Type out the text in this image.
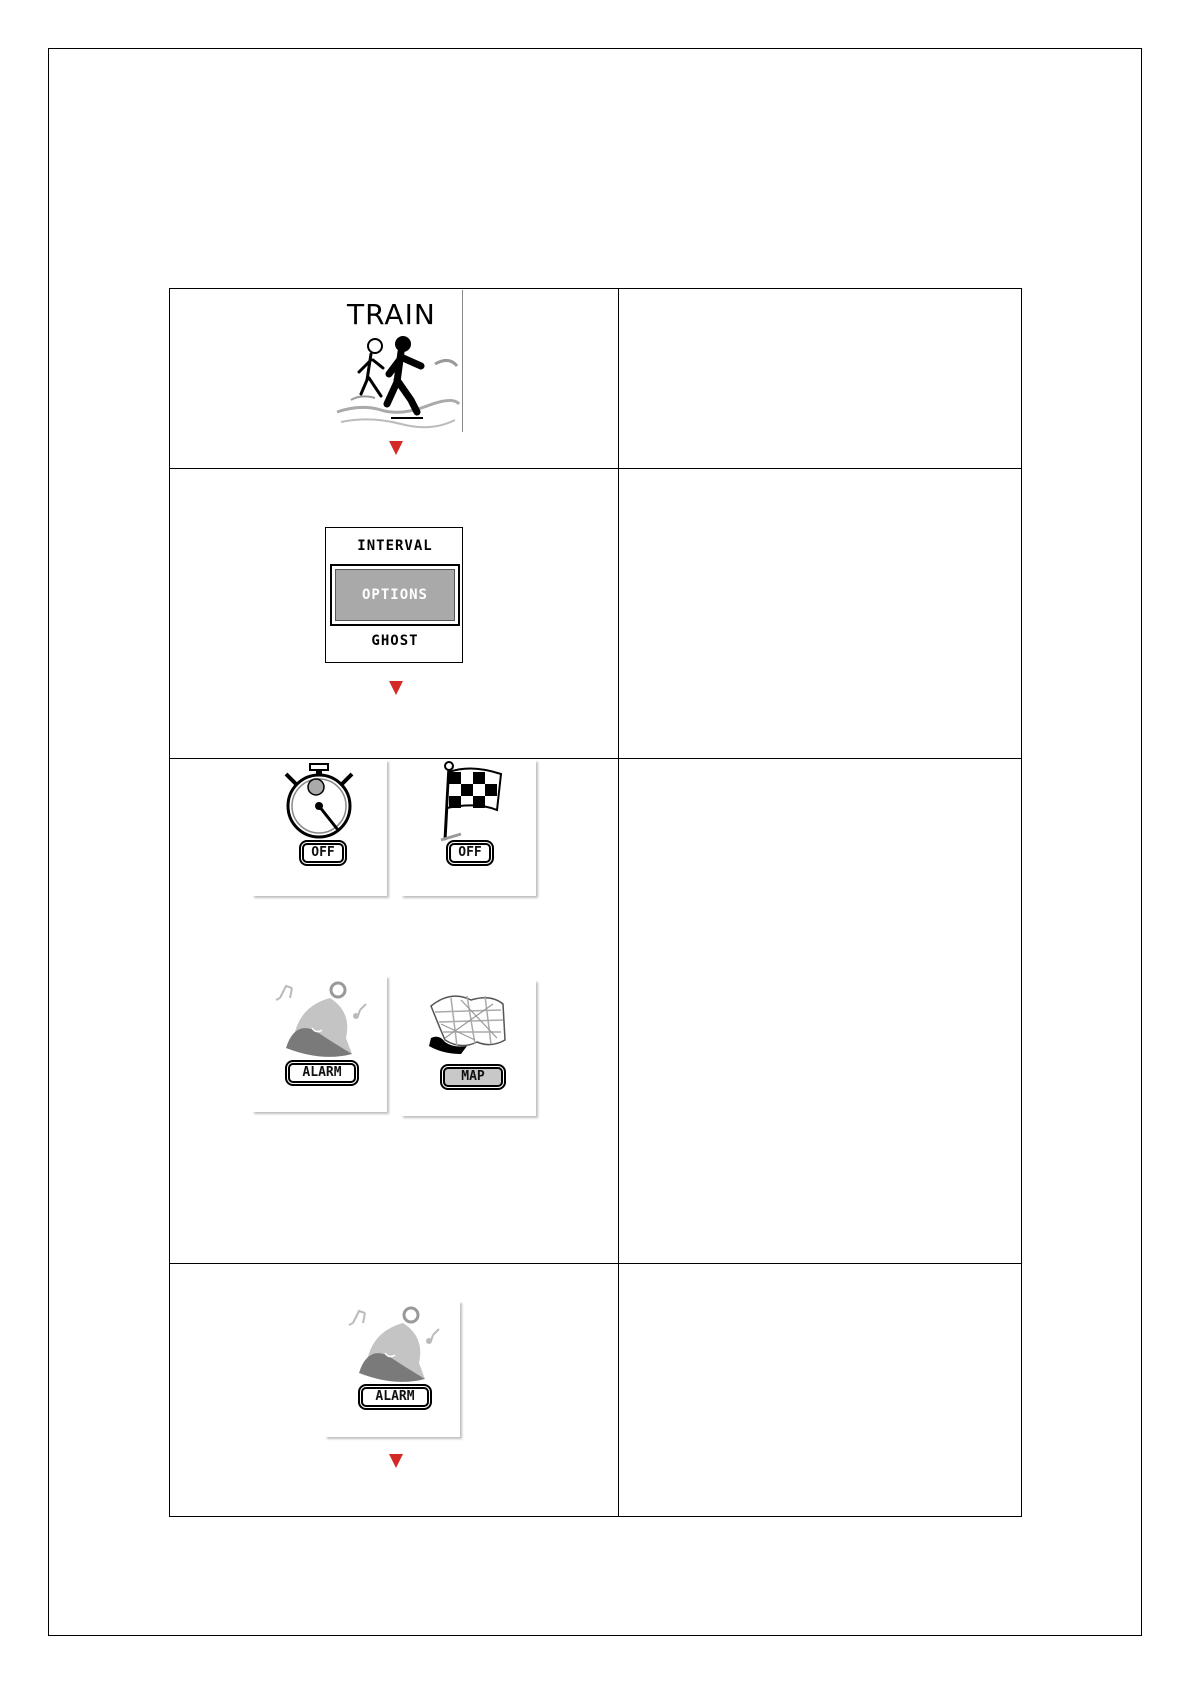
TRAIN
INTERVAL
OPTIONS
GHOST
OFF	OFF
ALARM	MAP
ALARM
